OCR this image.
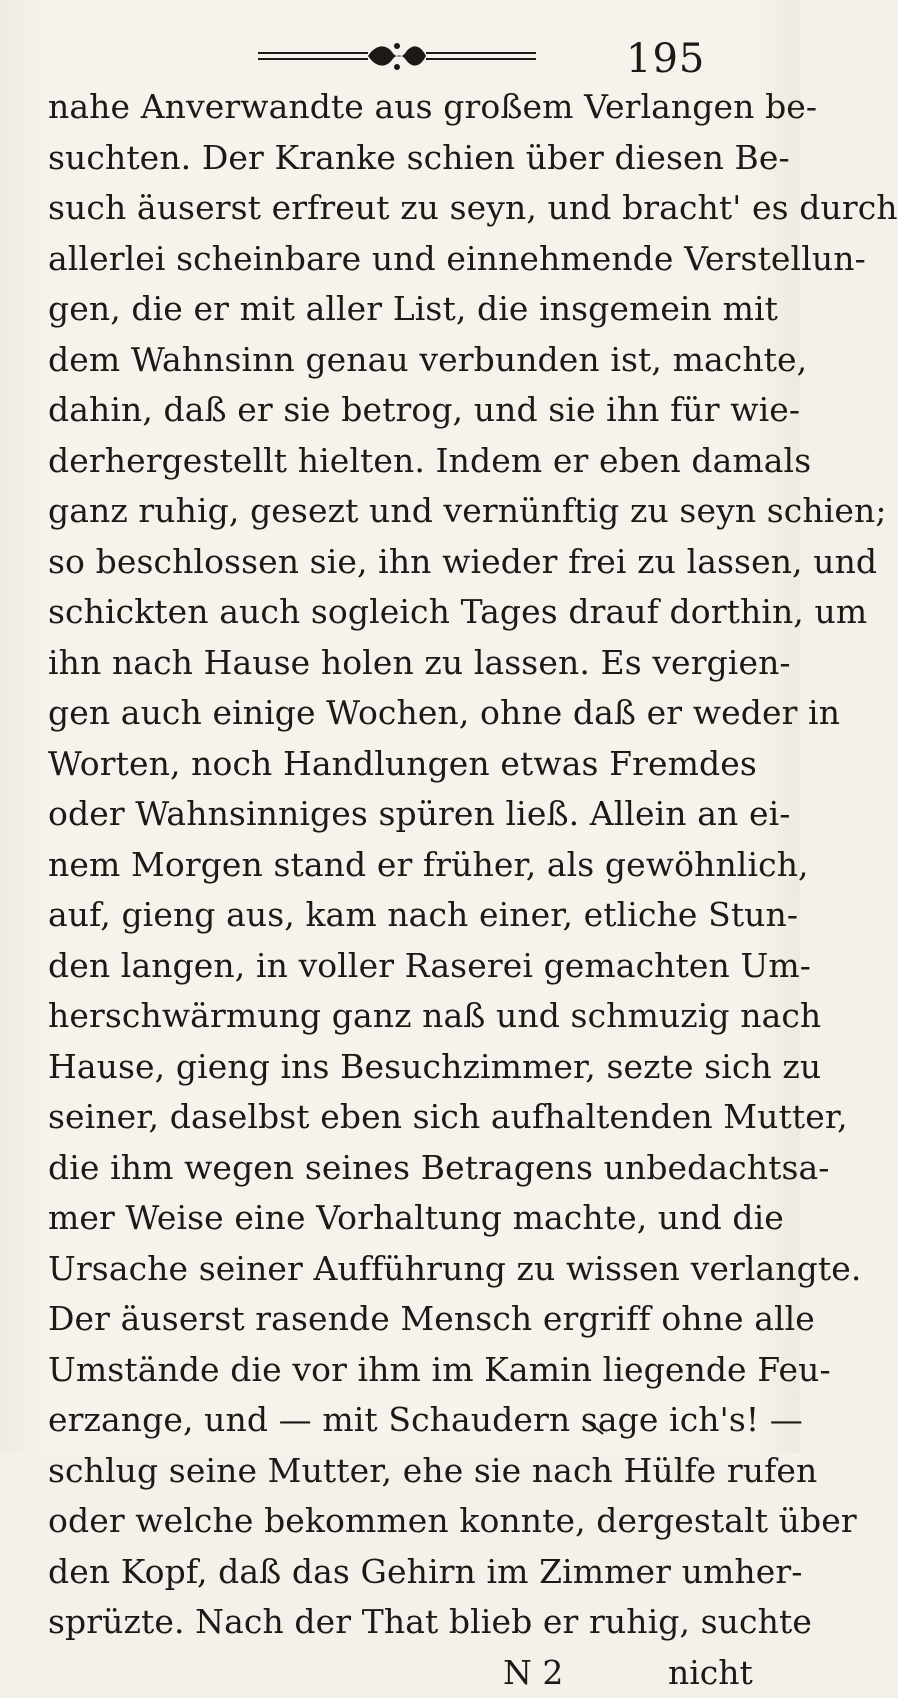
195
nahe Anverwandte aus großem Verlangen be-
suchten. Der Kranke schien über diesen Be-
such äuserst erfreut zu seyn, und bracht' es durch
allerlei scheinbare und einnehmende Verstellun-
gen, die er mit aller List, die insgemein mit
dem Wahnsinn genau verbunden ist, machte,
dahin, daß er sie betrog, und sie ihn für wie-
derhergestellt hielten. Indem er eben damals
ganz ruhig, gesezt und vernünftig zu seyn schien;
so beschlossen sie, ihn wieder frei zu lassen, und
schickten auch sogleich Tages drauf dorthin, um
ihn nach Hause holen zu lassen. Es vergien-
gen auch einige Wochen, ohne daß er weder in
Worten, noch Handlungen etwas Fremdes
oder Wahnsinniges spüren ließ. Allein an ei-
nem Morgen stand er früher, als gewöhnlich,
auf, gieng aus, kam nach einer, etliche Stun-
den langen, in voller Raserei gemachten Um-
herschwärmung ganz naß und schmuzig nach
Hause, gieng ins Besuchzimmer, sezte sich zu
seiner, daselbst eben sich aufhaltenden Mutter,
die ihm wegen seines Betragens unbedachtsa-
mer Weise eine Vorhaltung machte, und die
Ursache seiner Aufführung zu wissen verlangte.
Der äuserst rasende Mensch ergriff ohne alle
Umstände die vor ihm im Kamin liegende Feu-
erzange, und — mit Schaudern sage ich's! —
schlug seine Mutter, ehe sie nach Hülfe rufen
oder welche bekommen konnte, dergestalt über
den Kopf, daß das Gehirn im Zimmer umher-
sprüzte. Nach der That blieb er ruhig, suchte
N 2	nicht
